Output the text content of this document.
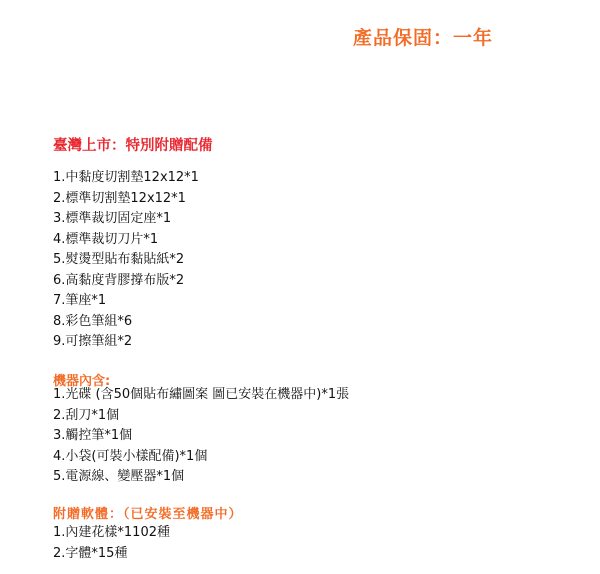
產品保固：一年
臺灣上市：特別附贈配備
1.中黏度切割墊12x12*1
2.標準切割墊12x12*1
3.標準裁切固定座*1
4.標準裁切刀片*1
5.熨燙型貼布黏貼紙*2
6.高黏度背膠撐布版*2
7.筆座*1
8.彩色筆組*6
9.可擦筆組*2
機器內含:
1.光碟 (含50個貼布繡圖案 圖已安裝在機器中)*1張
2.刮刀*1個
3.觸控筆*1個
4.小袋(可裝小樣配備)*1個
5.電源線、變壓器*1個
附贈軟體：（已安裝至機器中）
1.內建花樣*1102種
2.字體*15種
